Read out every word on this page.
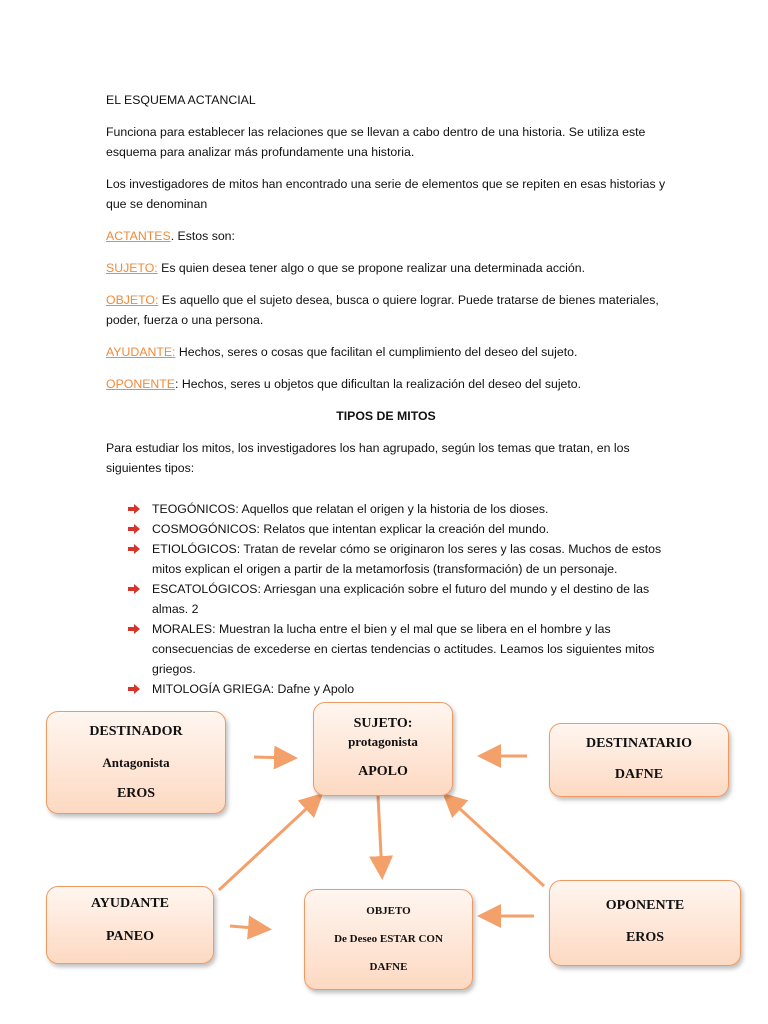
EL ESQUEMA ACTANCIAL

Funciona para establecer las relaciones que se llevan a cabo dentro de una historia. Se utiliza este esquema para analizar más profundamente una historia.

Los investigadores de mitos han encontrado una serie de elementos que se repiten en esas historias y que se denominan

ACTANTES. Estos son:

SUJETO: Es quien desea tener algo o que se propone realizar una determinada acción.

OBJETO: Es aquello que el sujeto desea, busca o quiere lograr. Puede tratarse de bienes materiales, poder, fuerza o una persona.

AYUDANTE: Hechos, seres o cosas que facilitan el cumplimiento del deseo del sujeto.

OPONENTE: Hechos, seres u objetos que dificultan la realización del deseo del sujeto.

TIPOS DE MITOS

Para estudiar los mitos, los investigadores los han agrupado, según los temas que tratan, en los siguientes tipos:

TEOGÓNICOS: Aquellos que relatan el origen y la historia de los dioses.
COSMOGÓNICOS: Relatos que intentan explicar la creación del mundo.
ETIOLÓGICOS: Tratan de revelar cómo se originaron los seres y las cosas. Muchos de estos mitos explican el origen a partir de la metamorfosis (transformación) de un personaje.
ESCATOLÓGICOS: Arriesgan una explicación sobre el futuro del mundo y el destino de las almas. 2
MORALES: Muestran la lucha entre el bien y el mal que se libera en el hombre y las consecuencias de excederse en ciertas tendencias o actitudes. Leamos los siguientes mitos griegos.
MITOLOGÍA GRIEGA: Dafne y Apolo
DESTINADOR
Antagonista
EROS
SUJETO:
protagonista
APOLO
DESTINATARIO
DAFNE
AYUDANTE
PANEO
OBJETO
De Deseo ESTAR CON
DAFNE
OPONENTE
EROS
